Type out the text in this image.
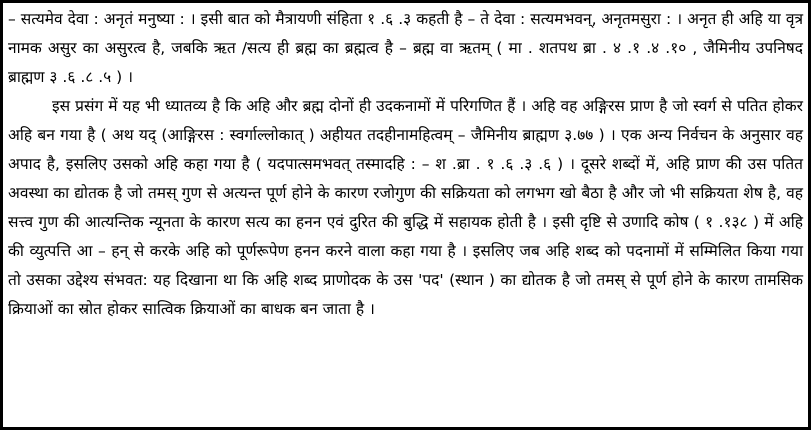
– सत्यमेव देवा : अनृतं मनुष्या : । इसी बात को मैत्रायणी संहिता १ .६ .३ कहती है – ते देवा : सत्यमभवन्, अनृतमसुरा : । अनृत ही अहि या वृत्र नामक असुर का असुरत्व है, जबकि ऋत /सत्य ही ब्रह्म का ब्रह्मत्व है – ब्रह्म वा ऋतम् ( मा . शतपथ ब्रा . ४ .१ .४ .१० , जैमिनीय उपनिषद ब्राह्मण ३ .६ .८ .५ ) ।

इस प्रसंग में यह भी ध्यातव्य है कि अहि और ब्रह्म दोनों ही उदकनामों में परिगणित हैं । अहि वह अङ्गिरस प्राण है जो स्वर्ग से पतित होकर अहि बन गया है ( अथ यद् (आङ्गिरस : स्वर्गाल्लोकात् ) अहीयत तदहीनामहित्वम् – जैमिनीय ब्राह्मण ३.७७ ) । एक अन्य निर्वचन के अनुसार वह अपाद है, इसलिए उसको अहि कहा गया है ( यदपात्समभवत् तस्मादहि : – श .ब्रा . १ .६ .३ .६ ) । दूसरे शब्दों में, अहि प्राण की उस पतित अवस्था का द्योतक है जो तमस् गुण से अत्यन्त पूर्ण होने के कारण रजोगुण की सक्रियता को लगभग खो बैठा है और जो भी सक्रियता शेष है, वह सत्त्व गुण की आत्यन्तिक न्यूनता के कारण सत्य का हनन एवं दुरित की बुद्धि में सहायक होती है । इसी दृष्टि से उणादि कोष ( १ .१३८ ) में अहि की व्युत्पत्ति आ – हन् से करके अहि को पूर्णरूपेण हनन करने वाला कहा गया है । इसलिए जब अहि शब्द को पदनामों में सम्मिलित किया गया तो उसका उद्देश्य संभवत: यह दिखाना था कि अहि शब्द प्राणोदक के उस 'पद' (स्थान ) का द्योतक है जो तमस् से पूर्ण होने के कारण तामसिक क्रियाओं का स्रोत होकर सात्विक क्रियाओं का बाधक बन जाता है ।
